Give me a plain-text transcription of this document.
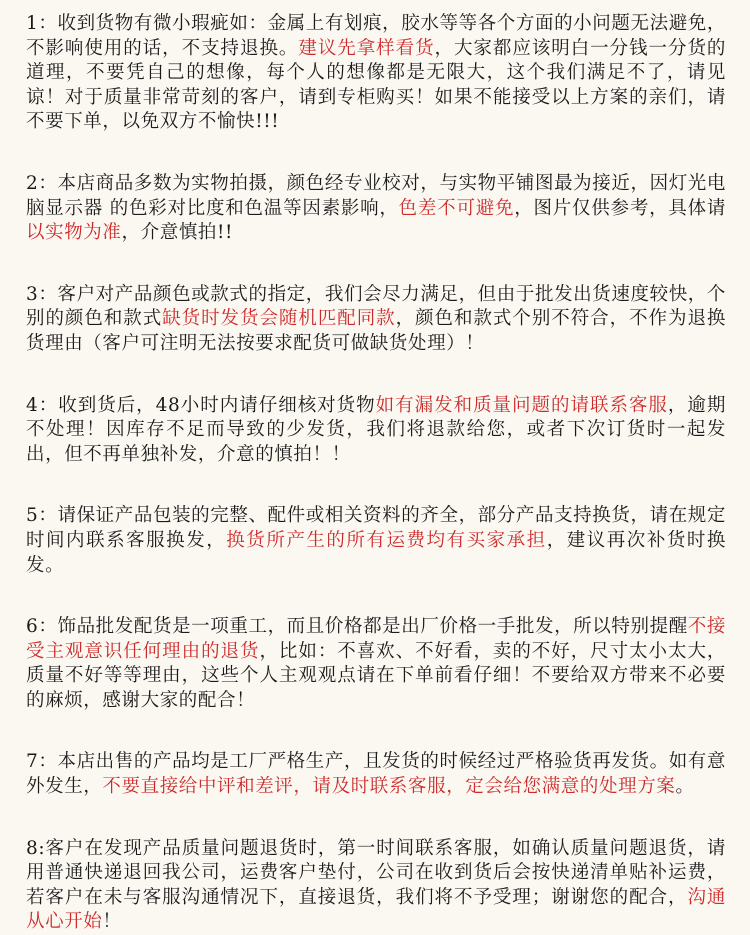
1：收到货物有微小瑕疵如：金属上有划痕，胶水等等各个方面的小问题无法避免，不影响使用的话，不支持退换。建议先拿样看货，大家都应该明白一分钱一分货的道理，不要凭自己的想像，每个人的想像都是无限大，这个我们满足不了，请见谅！对于质量非常苛刻的客户，请到专柜购买！如果不能接受以上方案的亲们，请不要下单，以免双方不愉快!!!
2：本店商品多数为实物拍摄，颜色经专业校对，与实物平铺图最为接近，因灯光电脑显示器 的色彩对比度和色温等因素影响，色差不可避免，图片仅供参考，具体请以实物为准，介意慎拍!!
3：客户对产品颜色或款式的指定，我们会尽力满足，但由于批发出货速度较快，个别的颜色和款式缺货时发货会随机匹配同款，颜色和款式个别不符合，不作为退换货理由（客户可注明无法按要求配货可做缺货处理）！
4：收到货后，48小时内请仔细核对货物如有漏发和质量问题的请联系客服，逾期不处理！因库存不足而导致的少发货，我们将退款给您，或者下次订货时一起发出，但不再单独补发，介意的慎拍！！
5：请保证产品包装的完整、配件或相关资料的齐全，部分产品支持换货，请在规定时间内联系客服换发，换货所产生的所有运费均有买家承担，建议再次补货时换发。
6：饰品批发配货是一项重工，而且价格都是出厂价格一手批发，所以特别提醒不接受主观意识任何理由的退货，比如：不喜欢、不好看，卖的不好，尺寸太小太大，质量不好等等理由，这些个人主观观点请在下单前看仔细！不要给双方带来不必要的麻烦，感谢大家的配合！
7：本店出售的产品均是工厂严格生产，且发货的时候经过严格验货再发货。如有意外发生，不要直接给中评和差评，请及时联系客服，定会给您满意的处理方案。
8:客户在发现产品质量问题退货时，第一时间联系客服，如确认质量问题退货，请用普通快递退回我公司，运费客户垫付，公司在收到货后会按快递清单贴补运费，若客户在未与客服沟通情况下，直接退货，我们将不予受理；谢谢您的配合，沟通从心开始！
